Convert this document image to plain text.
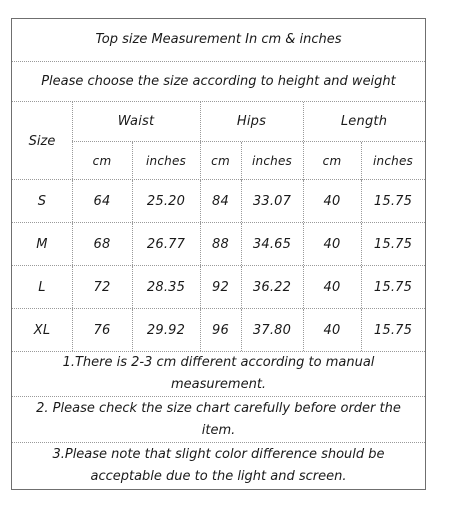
Top size Measurement In cm & inches
Please choose the size according to height and weight
Size
Waist	Hips	Length
cm	inches	cm	inches	cm	inches
S	64	25.20	84	33.07	40	15.75
M	68	26.77	88	34.65	40	15.75
L	72	28.35	92	36.22	40	15.75
XL	76	29.92	96	37.80	40	15.75
1.There is 2-3 cm different according to manual measurement.
2. Please check the size chart carefully before order the item.
3.Please note that slight color difference should be acceptable due to the light and screen.
